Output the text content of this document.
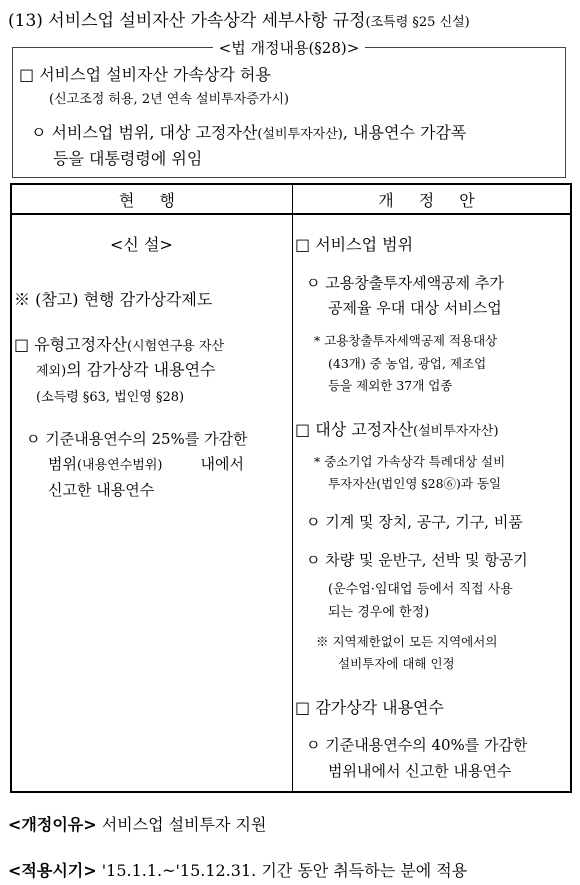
(13) 서비스업 설비자산 가속상각 세부사항 규정(조특령 §25 신설)
<법 개정내용(§28)>
□ 서비스업 설비자산 가속상각 허용
(신고조정 허용, 2년 연속 설비투자증가시)
ㅇ 서비스업 범위, 대상 고정자산(설비투자자산), 내용연수 가감폭
등을 대통령령에 위임
현 행	개 정 안
<신 설>
※ (참고) 현행 감가상각제도
□ 유형고정자산(시험연구용 자산
제외)의 감가상각 내용연수
(소득령 §63, 법인영 §28)
ㅇ 기준내용연수의 25%를 가감한
범위(내용연수범위)	내에서
신고한 내용연수
□ 서비스업 범위
ㅇ 고용창출투자세액공제 추가
공제율 우대 대상 서비스업
* 고용창출투자세액공제 적용대상
(43개) 중 농업, 광업, 제조업
등을 제외한 37개 업종
□ 대상 고정자산(설비투자자산)
* 중소기업 가속상각 특례대상 설비
투자자산(법인영 §28⑥)과 동일
ㅇ 기계 및 장치, 공구, 기구, 비품
ㅇ 차량 및 운반구, 선박 및 항공기
(운수업·임대업 등에서 직접 사용
되는 경우에 한정)
※ 지역제한없이 모든 지역에서의
설비투자에 대해 인정
□ 감가상각 내용연수
ㅇ 기준내용연수의 40%를 가감한
범위내에서 신고한 내용연수
<개정이유> 서비스업 설비투자 지원
<적용시기> '15.1.1.~'15.12.31. 기간 동안 취득하는 분에 적용
